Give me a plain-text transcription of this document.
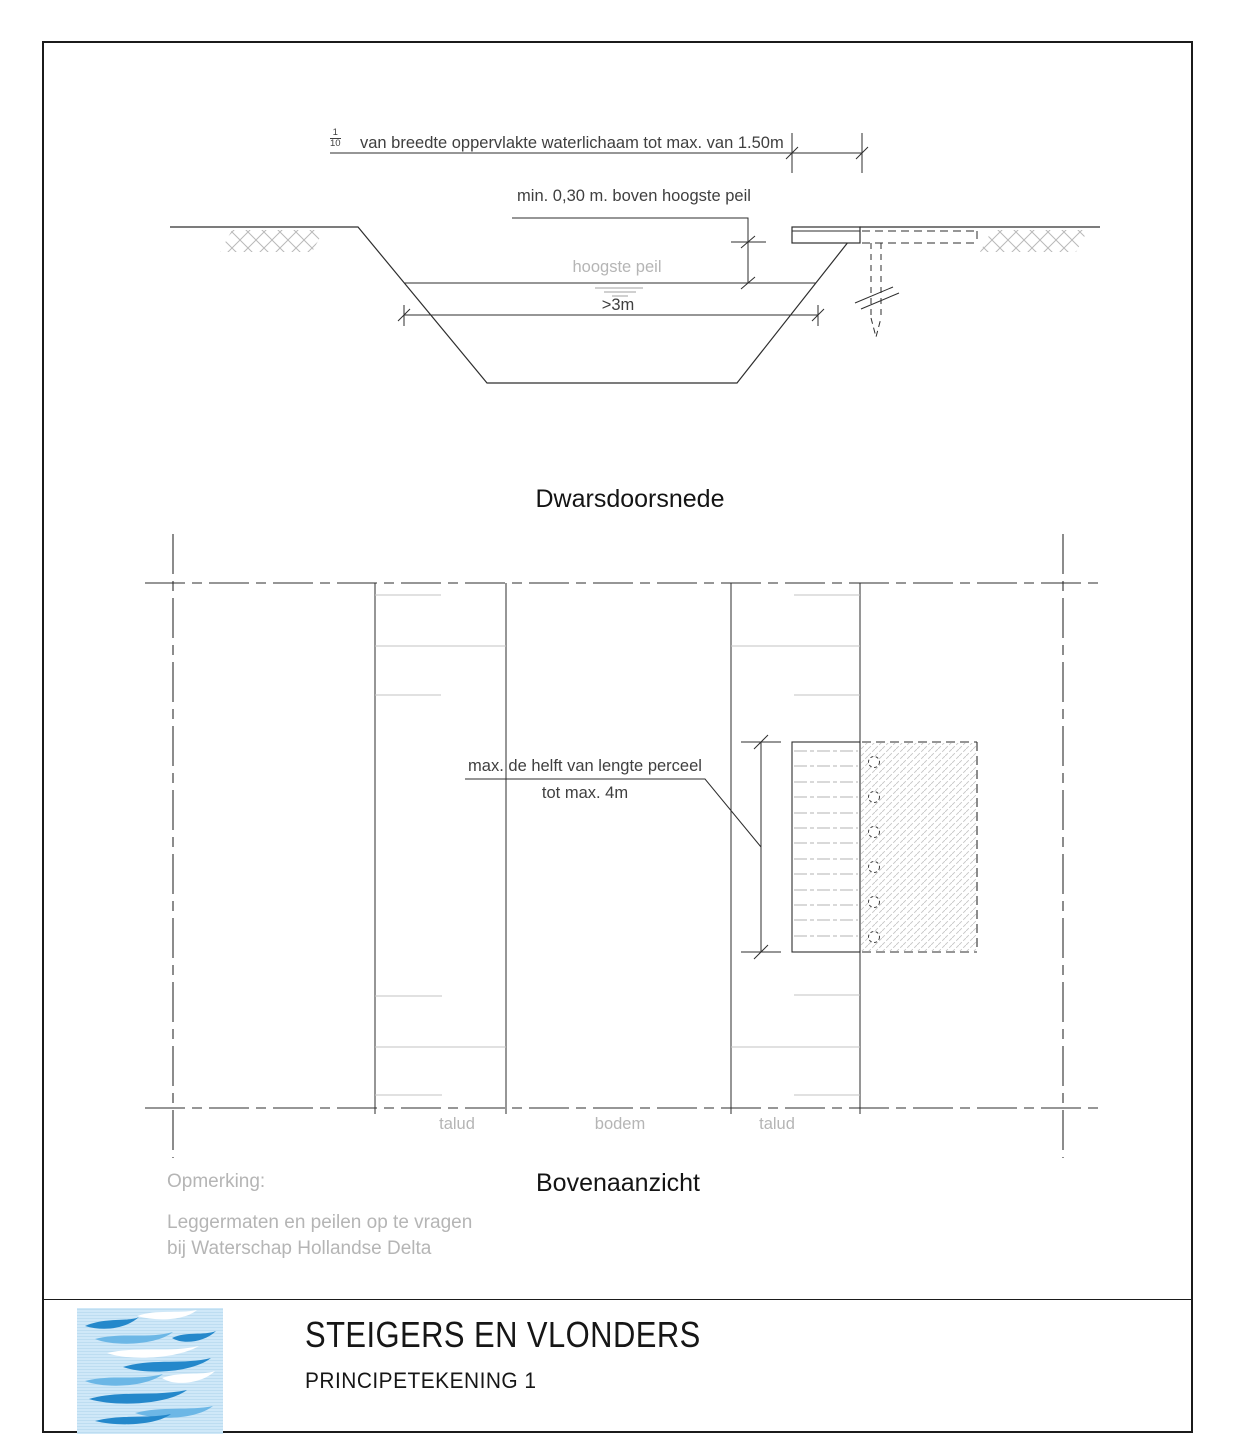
$\frac{1}{10}$ van breedte oppervlakte waterlichaam tot max. van 1.50m
min. 0,30 m. boven hoogste peil
hoogste peil
>3m
Dwarsdoorsnede
max. de helft van lengte perceel
tot max. 4m
talud	bodem	talud
Bovenaanzicht
Opmerking:
Leggermaten en peilen op te vragen
bij Waterschap Hollandse Delta
STEIGERS EN VLONDERS
PRINCIPETEKENING 1
